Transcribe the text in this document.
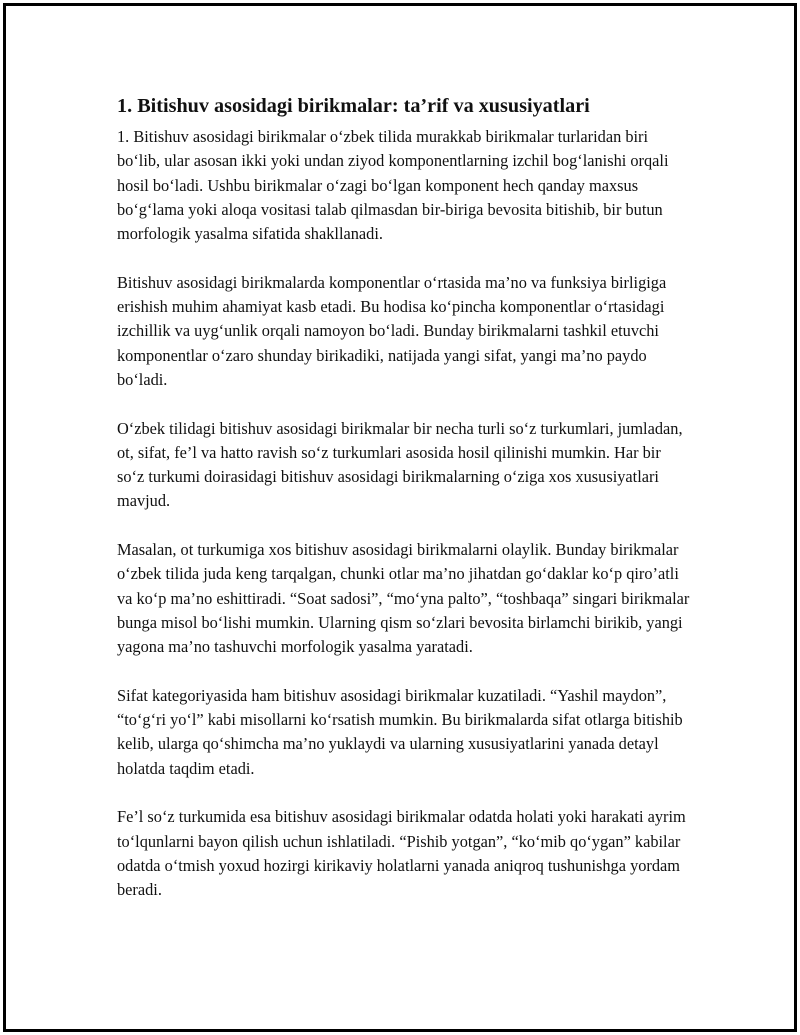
1. Bitishuv asosidagi birikmalar: ta’rif va xususiyatlari

1. Bitishuv asosidagi birikmalar o‘zbek tilida murakkab birikmalar turlaridan biri bo‘lib, ular asosan ikki yoki undan ziyod komponentlarning izchil bog‘lanishi orqali hosil bo‘ladi. Ushbu birikmalar o‘zagi bo‘lgan komponent hech qanday maxsus bo‘g‘lama yoki aloqa vositasi talab qilmasdan bir-biriga bevosita bitishib, bir butun morfologik yasalma sifatida shakllanadi.

Bitishuv asosidagi birikmalarda komponentlar o‘rtasida ma’no va funksiya birligiga erishish muhim ahamiyat kasb etadi. Bu hodisa ko‘pincha komponentlar o‘rtasidagi izchillik va uyg‘unlik orqali namoyon bo‘ladi. Bunday birikmalarni tashkil etuvchi komponentlar o‘zaro shunday birikadiki, natijada yangi sifat, yangi ma’no paydo bo‘ladi.

O‘zbek tilidagi bitishuv asosidagi birikmalar bir necha turli so‘z turkumlari, jumladan, ot, sifat, fe’l va hatto ravish so‘z turkumlari asosida hosil qilinishi mumkin. Har bir so‘z turkumi doirasidagi bitishuv asosidagi birikmalarning o‘ziga xos xususiyatlari mavjud.

Masalan, ot turkumiga xos bitishuv asosidagi birikmalarni olaylik. Bunday birikmalar o‘zbek tilida juda keng tarqalgan, chunki otlar ma’no jihatdan go‘daklar ko‘p qiro’atli va ko‘p ma’no eshittiradi. “Soat sadosi”, “mo‘yna palto”, “toshbaqa” singari birikmalar bunga misol bo‘lishi mumkin. Ularning qism so‘zlari bevosita birlamchi birikib, yangi yagona ma’no tashuvchi morfologik yasalma yaratadi.

Sifat kategoriyasida ham bitishuv asosidagi birikmalar kuzatiladi. “Yashil maydon”, “to‘g‘ri yo‘l” kabi misollarni ko‘rsatish mumkin. Bu birikmalarda sifat otlarga bitishib kelib, ularga qo‘shimcha ma’no yuklaydi va ularning xususiyatlarini yanada detayl holatda taqdim etadi.

Fe’l so‘z turkumida esa bitishuv asosidagi birikmalar odatda holati yoki harakati ayrim to‘lqunlarni bayon qilish uchun ishlatiladi. “Pishib yotgan”, “ko‘mib qo‘ygan” kabilar odatda o‘tmish yoxud hozirgi kirikaviy holatlarni yanada aniqroq tushunishga yordam beradi.
